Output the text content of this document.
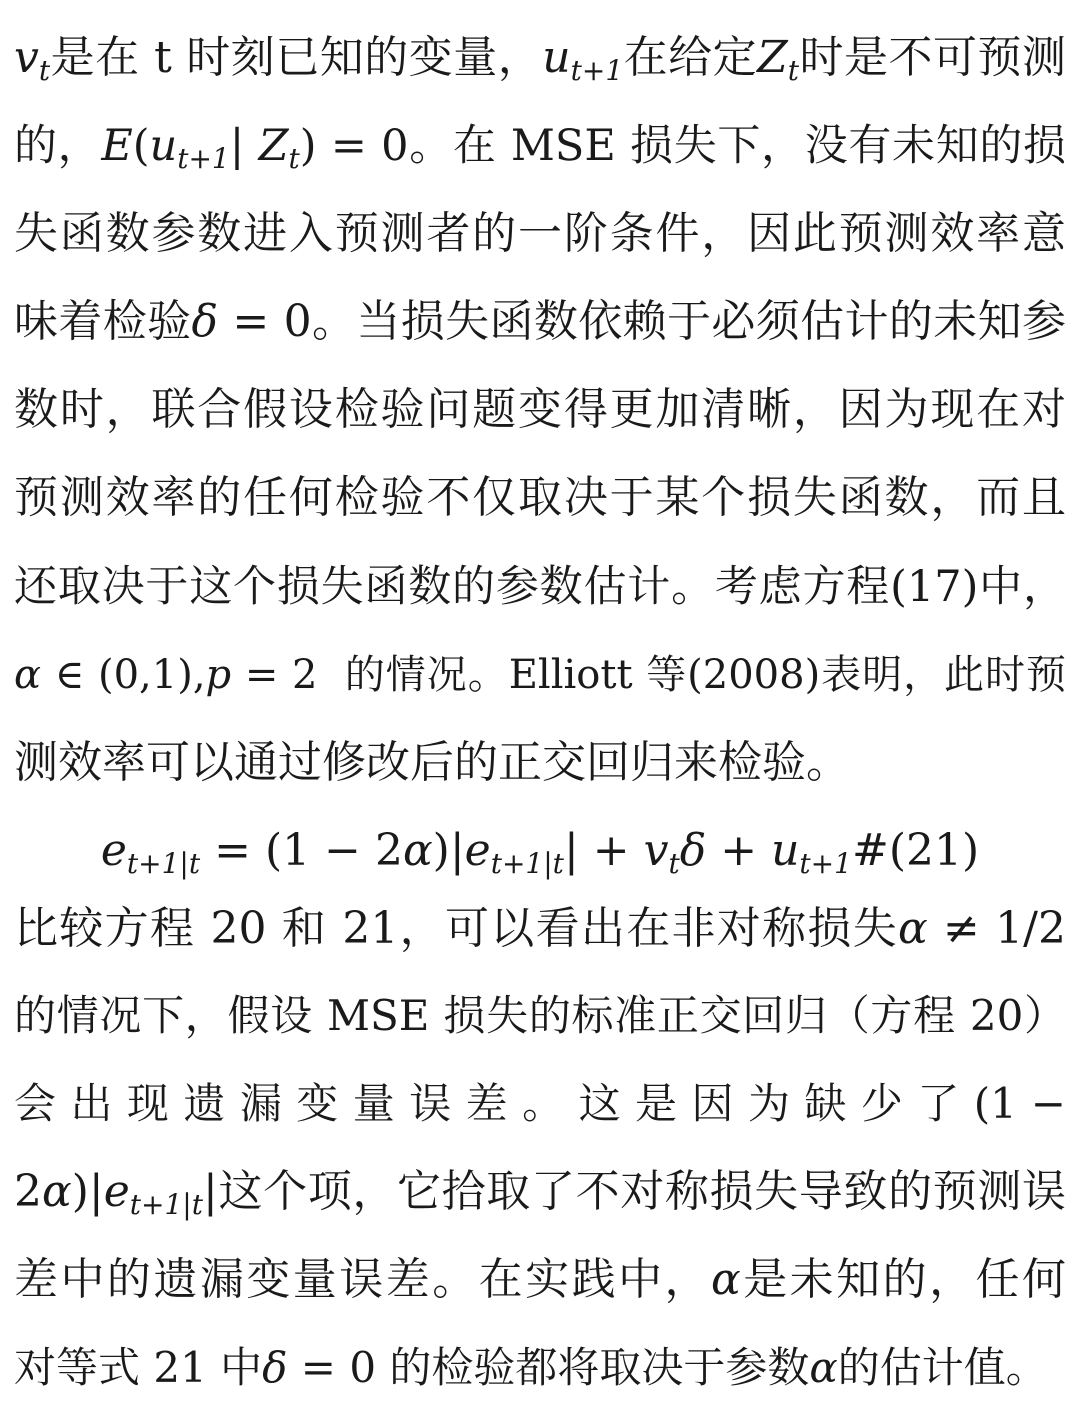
$v_t$是在 t 时刻已知的变量，$u_{t+1}$在给定$Z_t$时是不可预测
的，$E(u_{t+1}|$ $Z_t) = 0$。在 MSE 损失下，没有未知的损
失函数参数进入预测者的一阶条件，因此预测效率意
味着检验δ = 0。当损失函数依赖于必须估计的未知参
数时，联合假设检验问题变得更加清晰，因为现在对
预测效率的任何检验不仅取决于某个损失函数，而且
还取决于这个损失函数的参数估计。考虑方程(17)中，
α ∈ (0,1),p = 2  的情况。Elliott 等(2008)表明，此时预
测效率可以通过修改后的正交回归来检验。
$e_{t+1|t} = (1 - 2\alpha)|e_{t+1|t}| + v_t\delta$ + $u_{t+1}\#(21)$
比较方程 20 和 21，可以看出在非对称损失α ≠ 1/2
的情况下，假设 MSE 损失的标准正交回归（方程 20）
会 出 现 遗 漏 变 量 误 差 。 这 是 因 为 缺 少 了 (1 −
$2\alpha)|e_{t+1|t}|$这个项，它拾取了不对称损失导致的预测误
差中的遗漏变量误差。在实践中，α是未知的，任何
对等式 21 中δ = 0 的检验都将取决于参数α的估计值。
